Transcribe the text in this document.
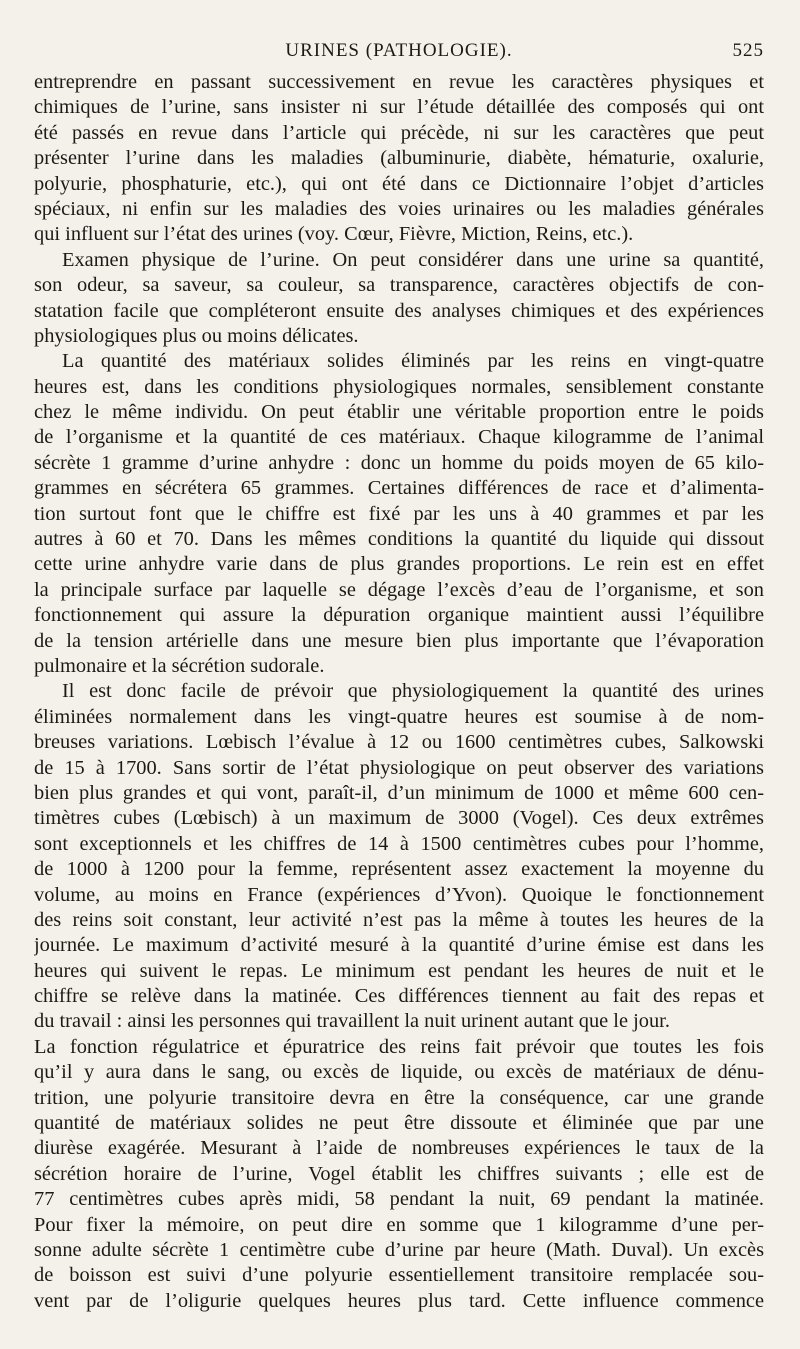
URINES (PATHOLOGIE).	525
entreprendre en passant successivement en revue les caractères physiques et
chimiques de l’urine, sans insister ni sur l’étude détaillée des composés qui ont
été passés en revue dans l’article qui précède, ni sur les caractères que peut
présenter l’urine dans les maladies (albuminurie, diabète, hématurie, oxalurie,
polyurie, phosphaturie, etc.), qui ont été dans ce Dictionnaire l’objet d’articles
spéciaux, ni enfin sur les maladies des voies urinaires ou les maladies générales
qui influent sur l’état des urines (voy. Cœur, Fièvre, Miction, Reins, etc.).
Examen physique de l’urine. On peut considérer dans une urine sa quantité,
son odeur, sa saveur, sa couleur, sa transparence, caractères objectifs de con-
statation facile que compléteront ensuite des analyses chimiques et des expériences
physiologiques plus ou moins délicates.
La quantité des matériaux solides éliminés par les reins en vingt-quatre
heures est, dans les conditions physiologiques normales, sensiblement constante
chez le même individu. On peut établir une véritable proportion entre le poids
de l’organisme et la quantité de ces matériaux. Chaque kilogramme de l’animal
sécrète 1 gramme d’urine anhydre : donc un homme du poids moyen de 65 kilo-
grammes en sécrétera 65 grammes. Certaines différences de race et d’alimenta-
tion surtout font que le chiffre est fixé par les uns à 40 grammes et par les
autres à 60 et 70. Dans les mêmes conditions la quantité du liquide qui dissout
cette urine anhydre varie dans de plus grandes proportions. Le rein est en effet
la principale surface par laquelle se dégage l’excès d’eau de l’organisme, et son
fonctionnement qui assure la dépuration organique maintient aussi l’équilibre
de la tension artérielle dans une mesure bien plus importante que l’évaporation
pulmonaire et la sécrétion sudorale.
Il est donc facile de prévoir que physiologiquement la quantité des urines
éliminées normalement dans les vingt-quatre heures est soumise à de nom-
breuses variations. Lœbisch l’évalue à 12 ou 1600 centimètres cubes, Salkowski
de 15 à 1700. Sans sortir de l’état physiologique on peut observer des variations
bien plus grandes et qui vont, paraît-il, d’un minimum de 1000 et même 600 cen-
timètres cubes (Lœbisch) à un maximum de 3000 (Vogel). Ces deux extrêmes
sont exceptionnels et les chiffres de 14 à 1500 centimètres cubes pour l’homme,
de 1000 à 1200 pour la femme, représentent assez exactement la moyenne du
volume, au moins en France (expériences d’Yvon). Quoique le fonctionnement
des reins soit constant, leur activité n’est pas la même à toutes les heures de la
journée. Le maximum d’activité mesuré à la quantité d’urine émise est dans les
heures qui suivent le repas. Le minimum est pendant les heures de nuit et le
chiffre se relève dans la matinée. Ces différences tiennent au fait des repas et
du travail : ainsi les personnes qui travaillent la nuit urinent autant que le jour.
La fonction régulatrice et épuratrice des reins fait prévoir que toutes les fois
qu’il y aura dans le sang, ou excès de liquide, ou excès de matériaux de dénu-
trition, une polyurie transitoire devra en être la conséquence, car une grande
quantité de matériaux solides ne peut être dissoute et éliminée que par une
diurèse exagérée. Mesurant à l’aide de nombreuses expériences le taux de la
sécrétion horaire de l’urine, Vogel établit les chiffres suivants ; elle est de
77 centimètres cubes après midi, 58 pendant la nuit, 69 pendant la matinée.
Pour fixer la mémoire, on peut dire en somme que 1 kilogramme d’une per-
sonne adulte sécrète 1 centimètre cube d’urine par heure (Math. Duval). Un excès
de boisson est suivi d’une polyurie essentiellement transitoire remplacée sou-
vent par de l’oligurie quelques heures plus tard. Cette influence commence
